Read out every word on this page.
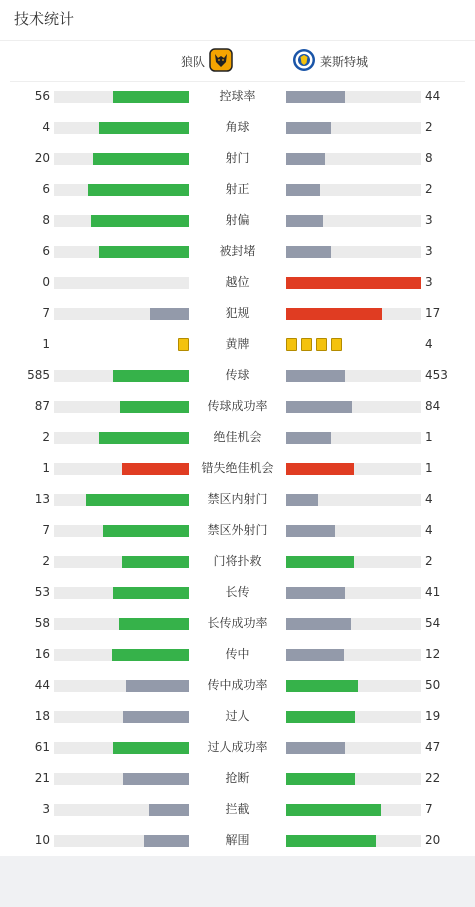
技术统计
狼队	莱斯特城
56	控球率	44
4	角球	2
20	射门	8
6	射正	2
8	射偏	3
6	被封堵	3
0	越位	3
7	犯规	17
1	黄牌	4
585	传球	453
87	传球成功率	84
2	绝佳机会	1
1	错失绝佳机会	1
13	禁区内射门	4
7	禁区外射门	4
2	门将扑救	2
53	长传	41
58	长传成功率	54
16	传中	12
44	传中成功率	50
18	过人	19
61	过人成功率	47
21	抢断	22
3	拦截	7
10	解围	20
